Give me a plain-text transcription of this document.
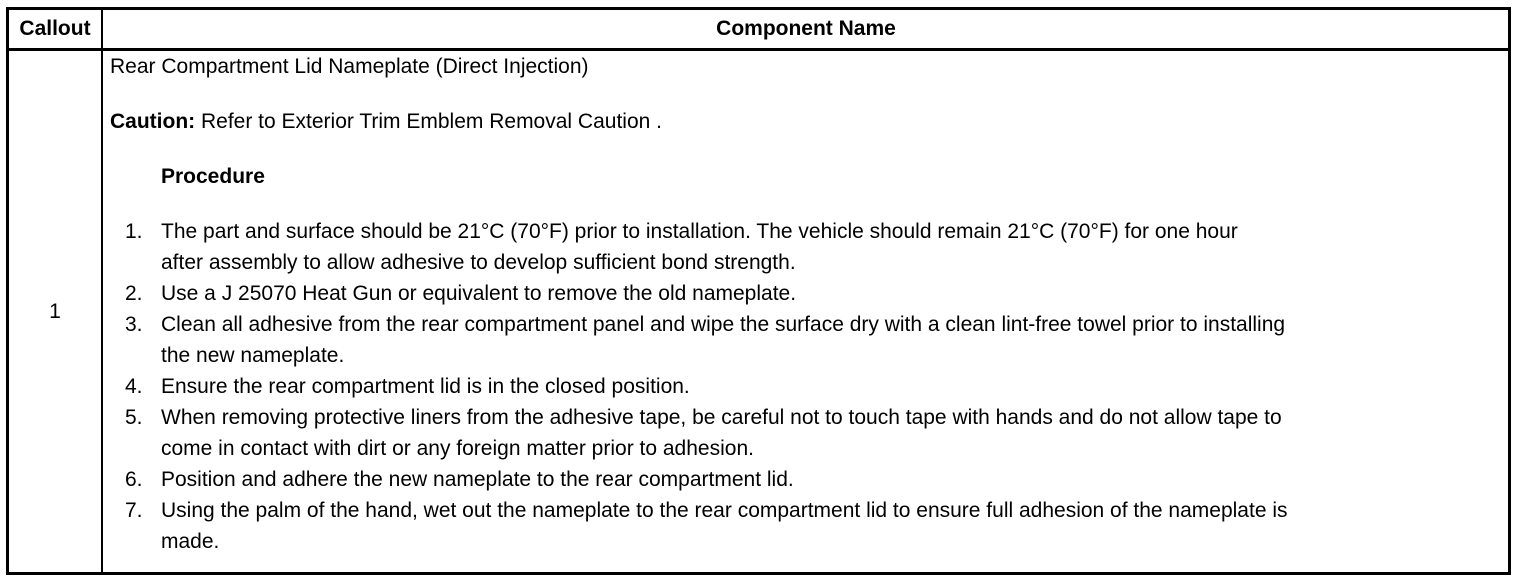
Callout	Component Name
1
Rear Compartment Lid Nameplate (Direct Injection)
Caution: Refer to Exterior Trim Emblem Removal Caution .
Procedure
1. The part and surface should be 21°C (70°F) prior to installation. The vehicle should remain 21°C (70°F) for one hour
after assembly to allow adhesive to develop sufficient bond strength.
2. Use a J 25070 Heat Gun or equivalent to remove the old nameplate.
3. Clean all adhesive from the rear compartment panel and wipe the surface dry with a clean lint-free towel prior to installing
the new nameplate.
4. Ensure the rear compartment lid is in the closed position.
5. When removing protective liners from the adhesive tape, be careful not to touch tape with hands and do not allow tape to
come in contact with dirt or any foreign matter prior to adhesion.
6. Position and adhere the new nameplate to the rear compartment lid.
7. Using the palm of the hand, wet out the nameplate to the rear compartment lid to ensure full adhesion of the nameplate is
made.
